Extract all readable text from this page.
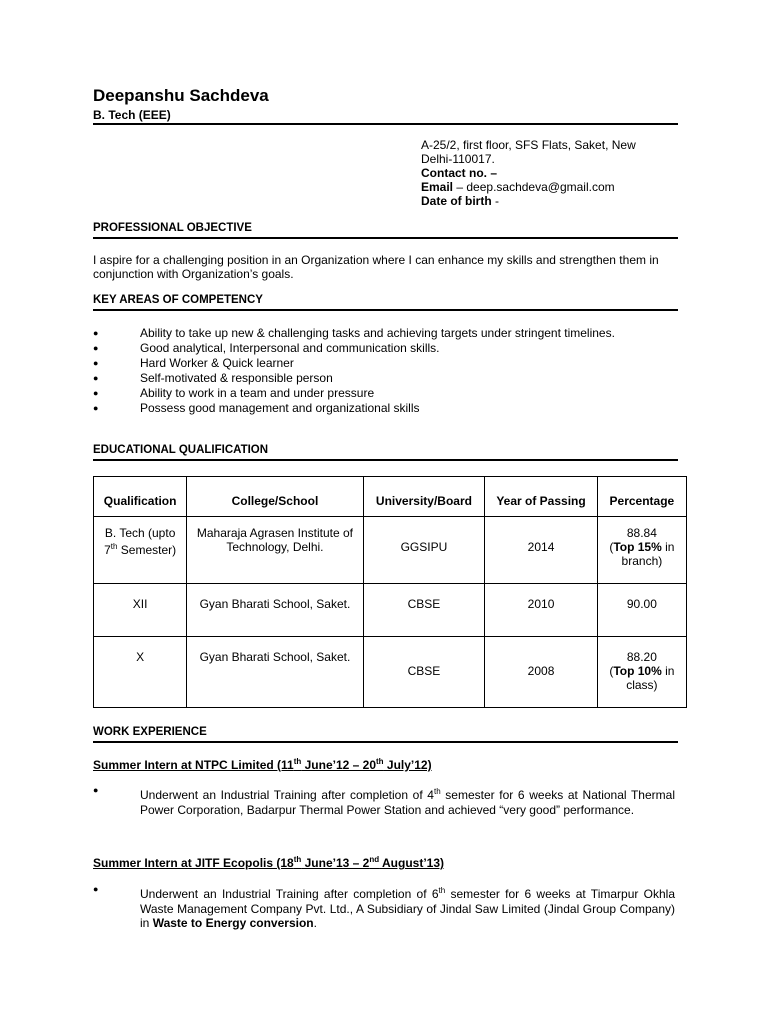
Deepanshu Sachdeva
B. Tech (EEE)
A-25/2, first floor, SFS Flats, Saket, New Delhi-110017.
Contact no. –
Email – deep.sachdeva@gmail.com
Date of birth -
PROFESSIONAL OBJECTIVE
I aspire for a challenging position in an Organization where I can enhance my skills and strengthen them in conjunction with Organization’s goals.
KEY AREAS OF COMPETENCY
●	Ability to take up new & challenging tasks and achieving targets under stringent timelines.
●	Good analytical, Interpersonal and communication skills.
●	Hard Worker & Quick learner
●	Self-motivated & responsible person
●	Ability to work in a team and under pressure
●	Possess good management and organizational skills
EDUCATIONAL QUALIFICATION
Qualification	College/School	University/Board	Year of Passing	Percentage
B. Tech (upto
7th Semester)	Maharaja Agrasen Institute of Technology, Delhi.	GGSIPU	2014	88.84
(Top 15% in branch)
XII	Gyan Bharati School, Saket.	CBSE	2010	90.00
X	Gyan Bharati School, Saket.	CBSE	2008	88.20
(Top 10% in class)
WORK EXPERIENCE
Summer Intern at NTPC Limited (11th June’12 – 20th July’12)
●	Underwent an Industrial Training after completion of 4th semester for 6 weeks at National Thermal Power Corporation, Badarpur Thermal Power Station and achieved “very good” performance.
Summer Intern at JITF Ecopolis (18th June’13 – 2nd August’13)
●	Underwent an Industrial Training after completion of 6th semester for 6 weeks at Timarpur Okhla Waste Management Company Pvt. Ltd., A Subsidiary of Jindal Saw Limited (Jindal Group Company) in Waste to Energy conversion.
